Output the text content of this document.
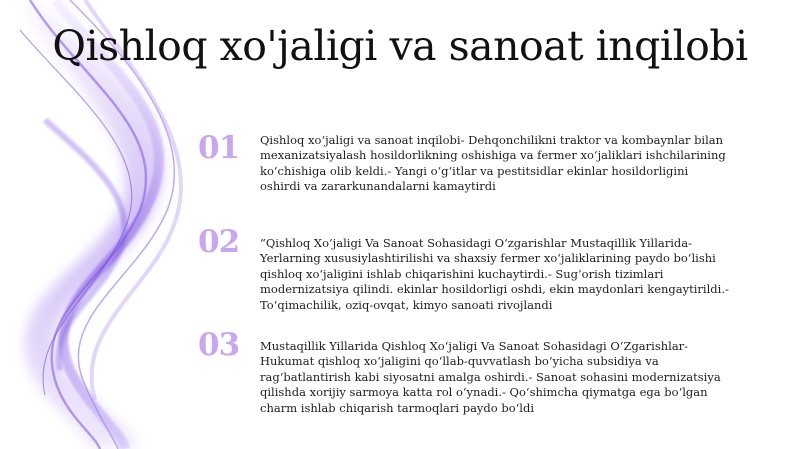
Qishloq xo'jaligi va sanoat inqilobi
01	Qishloq xo‘jaligi va sanoat inqilobi- Dehqonchilikni traktor va kombaynlar bilan mexanizatsiyalash hosildorlikning oshishiga va fermer xo‘jaliklari ishchilarining ko‘chishiga olib keldi.- Yangi o‘g‘itlar va pestitsidlar ekinlar hosildorligini oshirdi va zararkunandalarni kamaytirdi
02	“Qishloq Xo‘jaligi Va Sanoat Sohasidagi O‘zgarishlar Mustaqillik Yillarida- Yerlarning xususiylashtirilishi va shaxsiy fermer xo‘jaliklarining paydo bo‘lishi qishloq xo‘jaligini ishlab chiqarishini kuchaytirdi.- Sug‘orish tizimlari modernizatsiya qilindi. ekinlar hosildorligi oshdi, ekin maydonlari kengaytirildi.- To‘qimachilik, oziq-ovqat, kimyo sanoati rivojlandi
03	Mustaqillik Yillarida Qishloq Xo‘jaligi Va Sanoat Sohasidagi O‘Zgarishlar- Hukumat qishloq xo‘jaligini qo‘llab-quvvatlash bo‘yicha subsidiya va rag‘batlantirish kabi siyosatni amalga oshirdi.- Sanoat sohasini modernizatsiya qilishda xorijiy sarmoya katta rol o‘ynadi.- Qo‘shimcha qiymatga ega bo‘lgan charm ishlab chiqarish tarmoqlari paydo bo‘ldi
